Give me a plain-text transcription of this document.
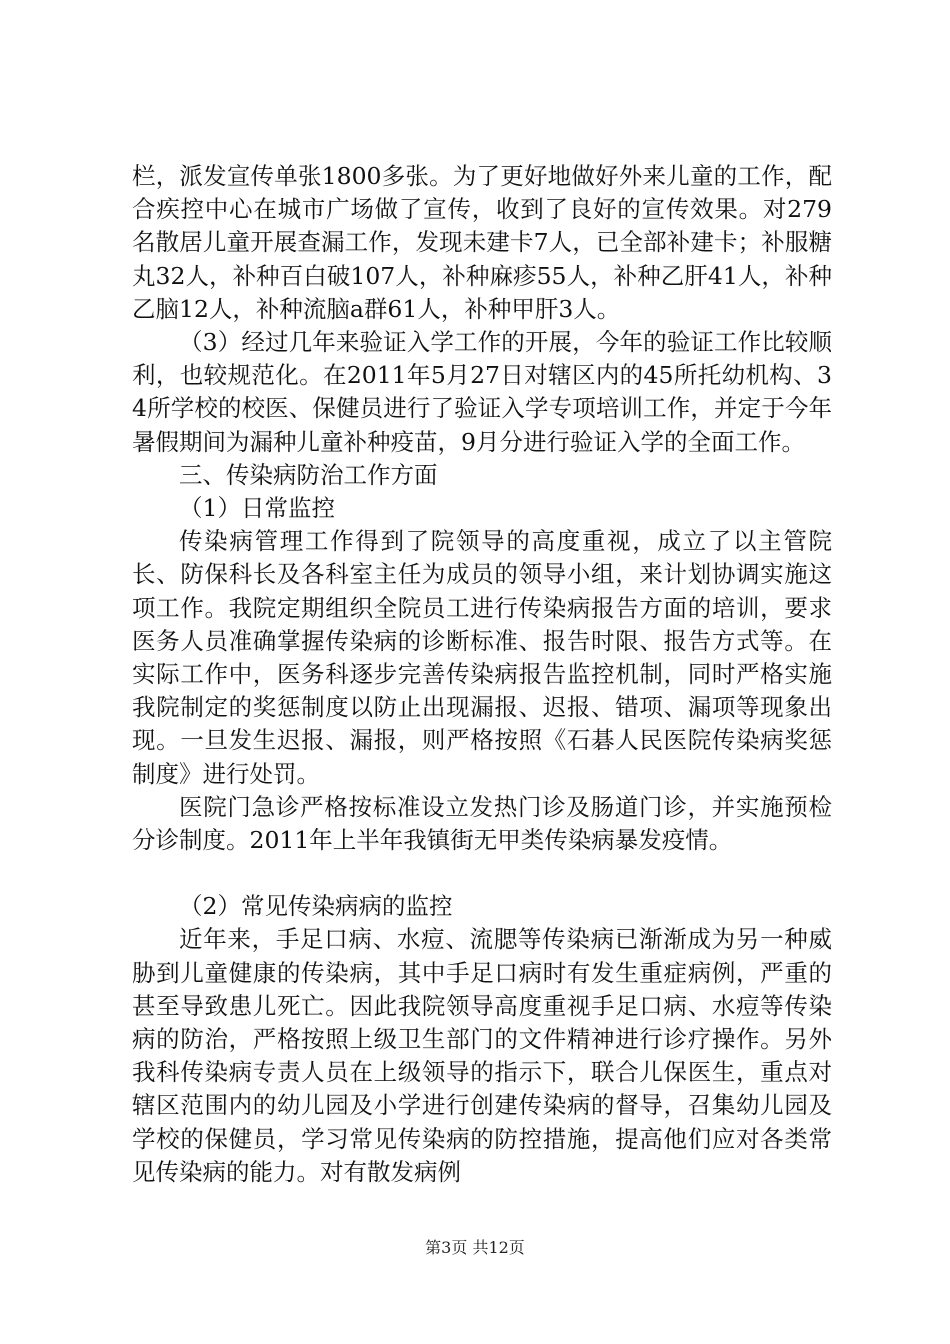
栏，派发宣传单张1800多张。为了更好地做好外来儿童的工作，配合疾控中心在城市广场做了宣传，收到了良好的宣传效果。对279名散居儿童开展查漏工作，发现未建卡7人，已全部补建卡；补服糖丸32人，补种百白破107人，补种麻疹55人，补种乙肝41人，补种乙脑12人，补种流脑a群61人，补种甲肝3人。

（3）经过几年来验证入学工作的开展，今年的验证工作比较顺利，也较规范化。在2011年5月27日对辖区内的45所托幼机构、34所学校的校医、保健员进行了验证入学专项培训工作，并定于今年暑假期间为漏种儿童补种疫苗，9月分进行验证入学的全面工作。

三、传染病防治工作方面

（1）日常监控

传染病管理工作得到了院领导的高度重视，成立了以主管院长、防保科长及各科室主任为成员的领导小组，来计划协调实施这项工作。我院定期组织全院员工进行传染病报告方面的培训，要求医务人员准确掌握传染病的诊断标准、报告时限、报告方式等。在实际工作中，医务科逐步完善传染病报告监控机制，同时严格实施我院制定的奖惩制度以防止出现漏报、迟报、错项、漏项等现象出现。一旦发生迟报、漏报，则严格按照《石碁人民医院传染病奖惩制度》进行处罚。

医院门急诊严格按标准设立发热门诊及肠道门诊，并实施预检分诊制度。2011年上半年我镇街无甲类传染病暴发疫情。

（2）常见传染病病的监控

近年来，手足口病、水痘、流腮等传染病已渐渐成为另一种威胁到儿童健康的传染病，其中手足口病时有发生重症病例，严重的甚至导致患儿死亡。因此我院领导高度重视手足口病、水痘等传染病的防治，严格按照上级卫生部门的文件精神进行诊疗操作。另外我科传染病专责人员在上级领导的指示下，联合儿保医生，重点对辖区范围内的幼儿园及小学进行创建传染病的督导，召集幼儿园及学校的保健员，学习常见传染病的防控措施，提高他们应对各类常见传染病的能力。对有散发病例

第3页 共12页
